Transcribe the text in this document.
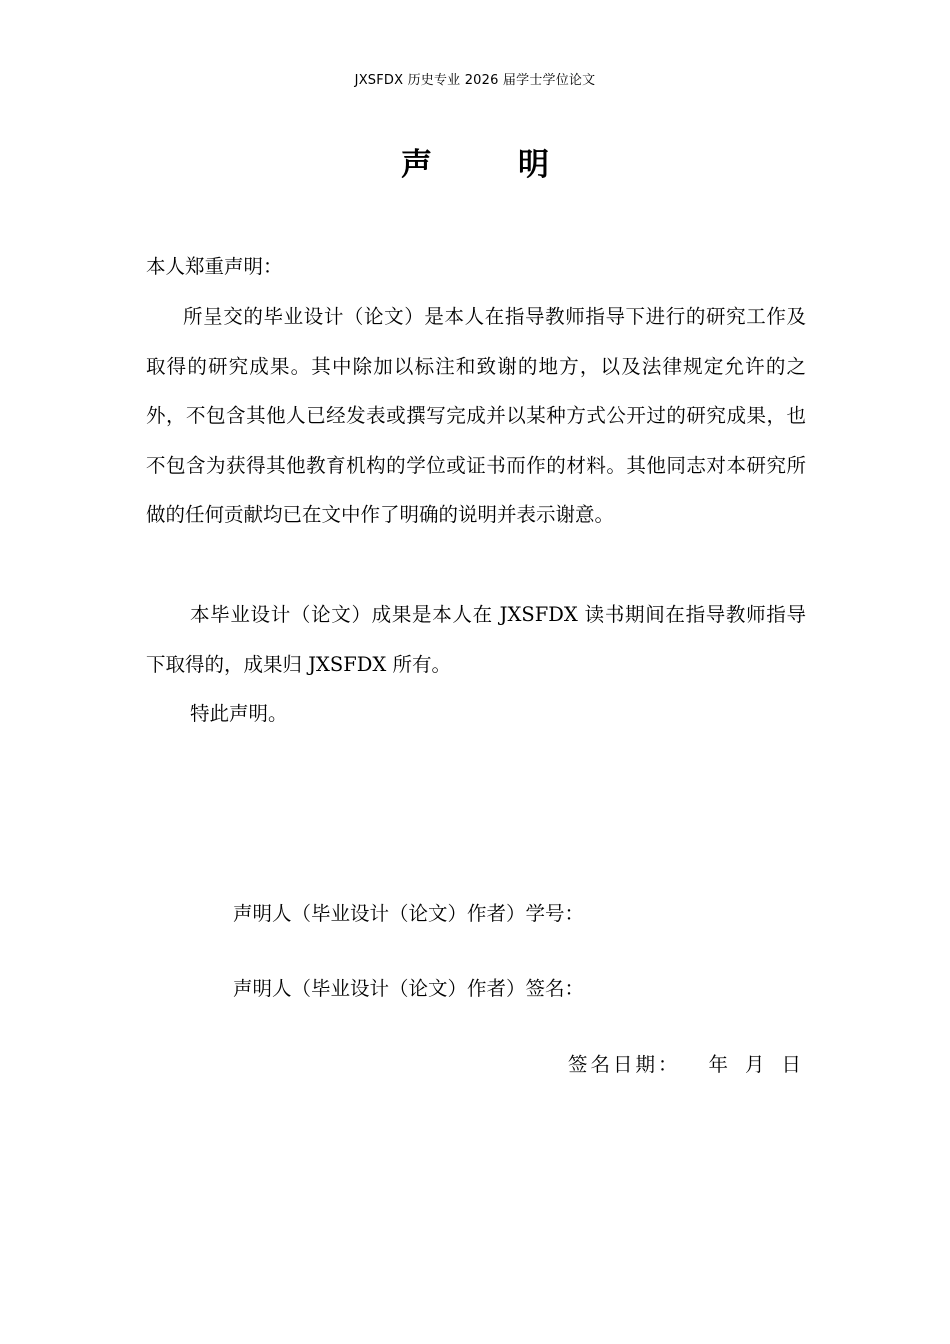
JXSFDX 历史专业 2026 届学士学位论文
声	明
本人郑重声明：
所呈交的毕业设计（论文）是本人在指导教师指导下进行的研究工作及取得的研究成果。其中除加以标注和致谢的地方，以及法律规定允许的之外，不包含其他人已经发表或撰写完成并以某种方式公开过的研究成果，也不包含为获得其他教育机构的学位或证书而作的材料。其他同志对本研究所做的任何贡献均已在文中作了明确的说明并表示谢意。
本毕业设计（论文）成果是本人在 JXSFDX 读书期间在指导教师指导下取得的，成果归 JXSFDX 所有。
特此声明。
声明人（毕业设计（论文）作者）学号：
声明人（毕业设计（论文）作者）签名：
签名日期： 年 月 日
